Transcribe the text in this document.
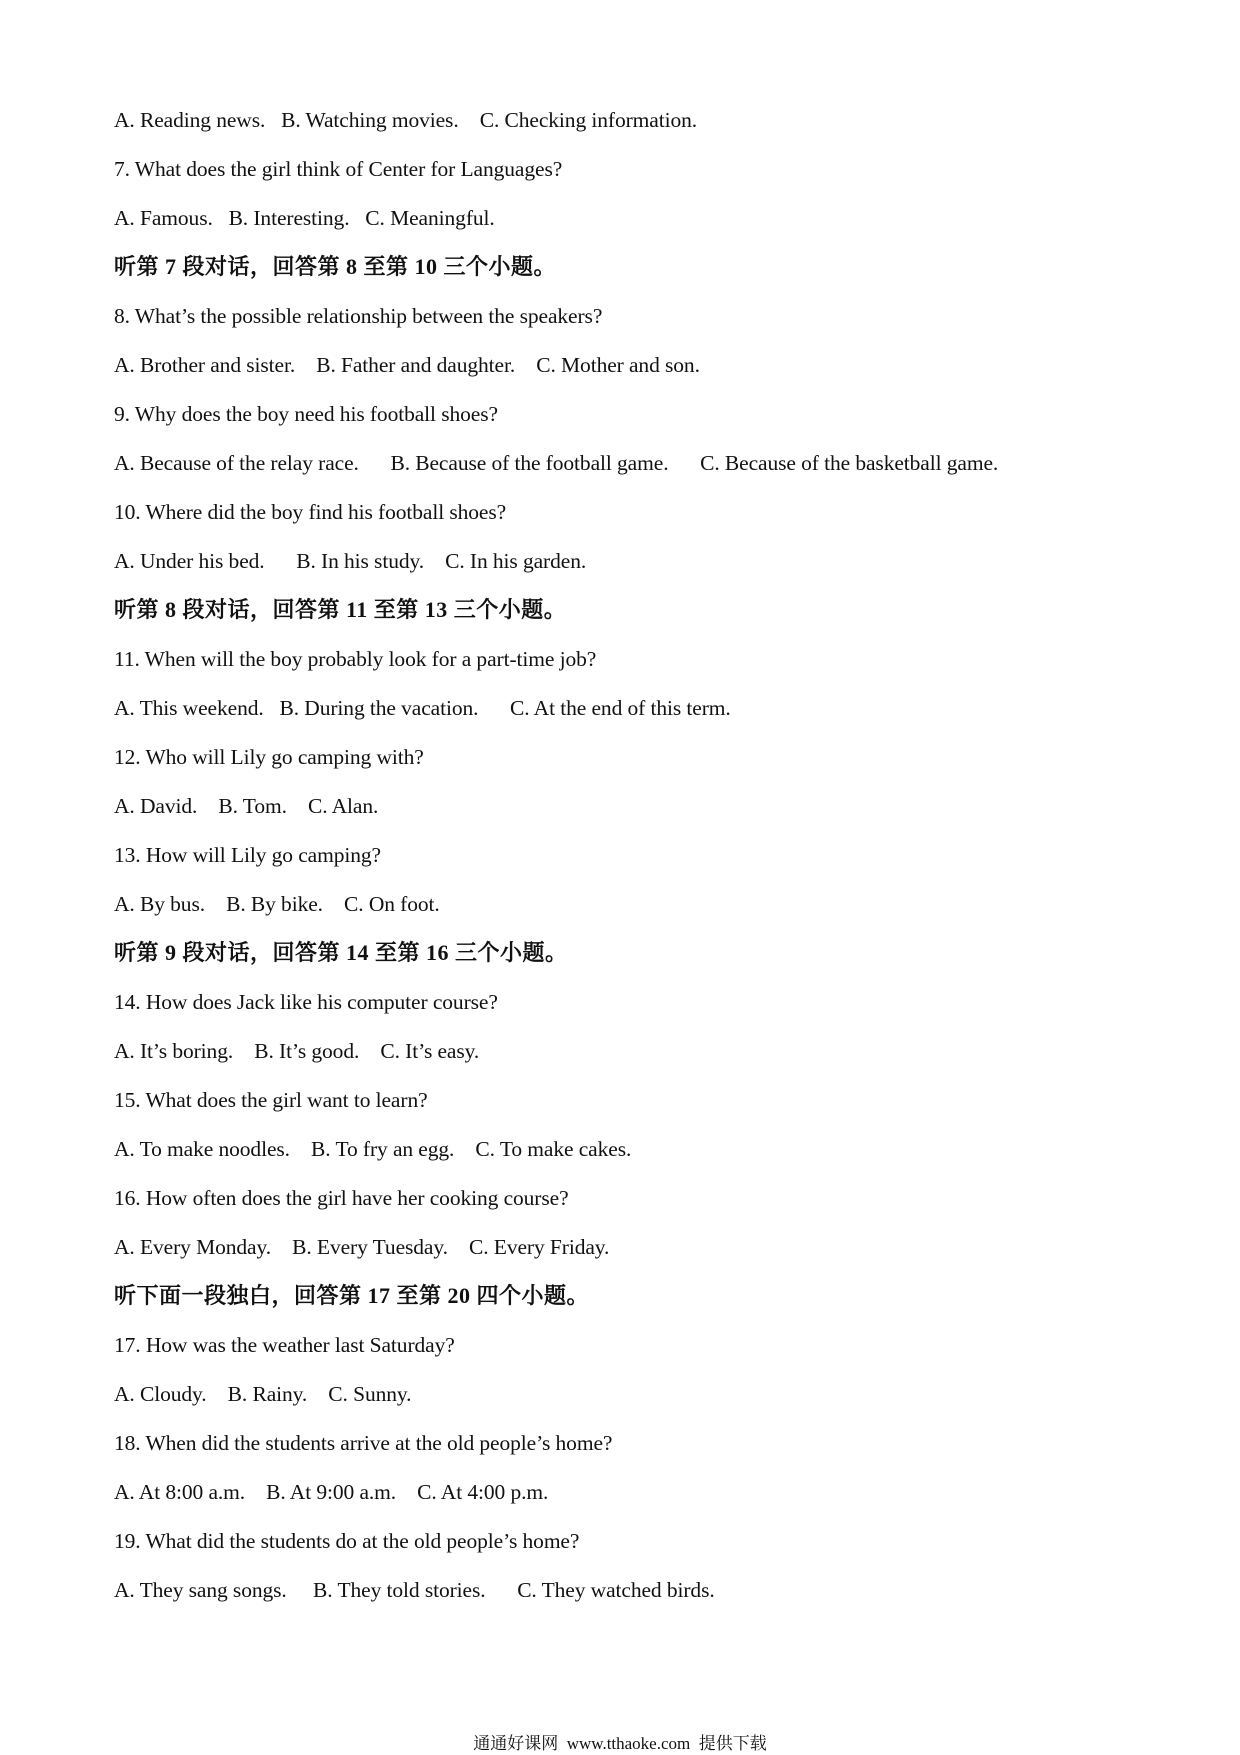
A. Reading news.   B. Watching movies.    C. Checking information.
7. What does the girl think of Center for Languages?
A. Famous.   B. Interesting.   C. Meaningful.
听第 7 段对话，回答第 8 至第 10 三个小题。
8. What’s the possible relationship between the speakers?
A. Brother and sister.    B. Father and daughter.    C. Mother and son.
9. Why does the boy need his football shoes?
A. Because of the relay race.      B. Because of the football game.      C. Because of the basketball game.
10. Where did the boy find his football shoes?
A. Under his bed.      B. In his study.    C. In his garden.
听第 8 段对话，回答第 11 至第 13 三个小题。
11. When will the boy probably look for a part-time job?
A. This weekend.   B. During the vacation.      C. At the end of this term.
12. Who will Lily go camping with?
A. David.    B. Tom.    C. Alan.
13. How will Lily go camping?
A. By bus.    B. By bike.    C. On foot.
听第 9 段对话，回答第 14 至第 16 三个小题。
14. How does Jack like his computer course?
A. It’s boring.    B. It’s good.    C. It’s easy.
15. What does the girl want to learn?
A. To make noodles.    B. To fry an egg.    C. To make cakes.
16. How often does the girl have her cooking course?
A. Every Monday.    B. Every Tuesday.    C. Every Friday.
听下面一段独白，回答第 17 至第 20 四个小题。
17. How was the weather last Saturday?
A. Cloudy.    B. Rainy.    C. Sunny.
18. When did the students arrive at the old people’s home?
A. At 8:00 a.m.    B. At 9:00 a.m.    C. At 4:00 p.m.
19. What did the students do at the old people’s home?
A. They sang songs.     B. They told stories.      C. They watched birds.
通通好课网  www.tthaoke.com  提供下载
